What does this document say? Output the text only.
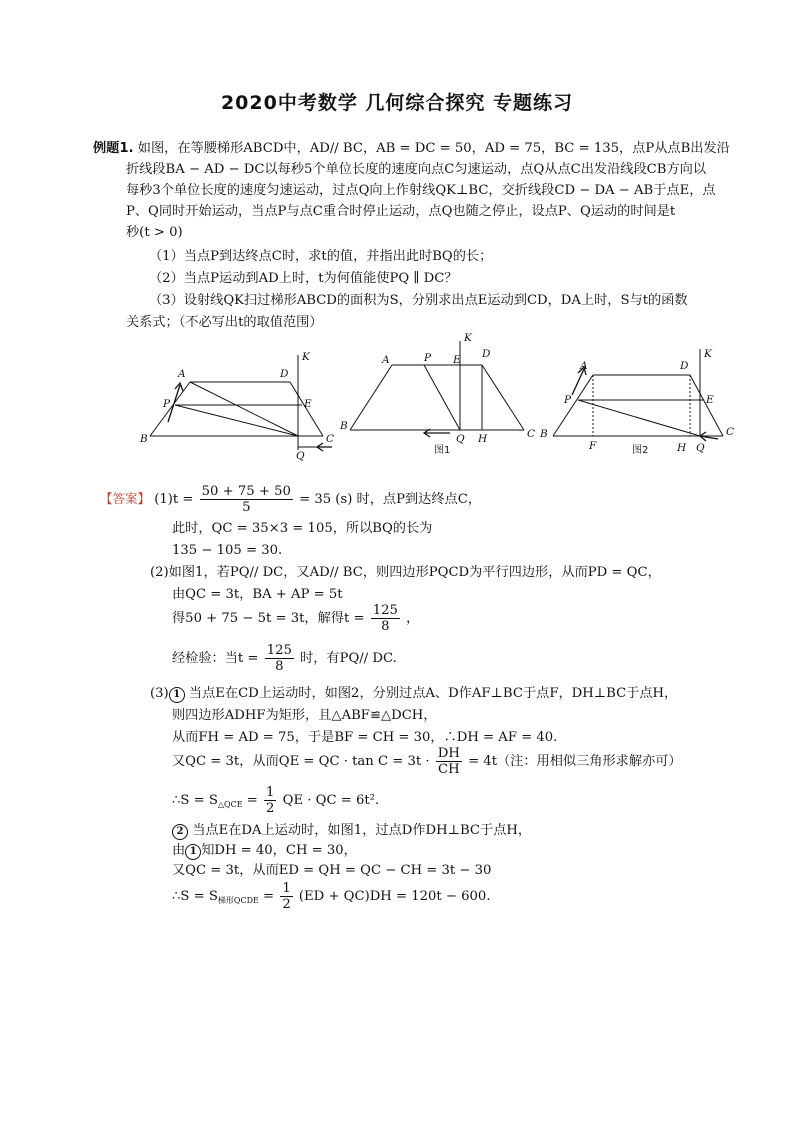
2020中考数学 几何综合探究 专题练习
例题1. 如图，在等腰梯形ABCD中，AD// BC，AB = DC = 50，AD = 75，BC = 135，点P从点B出发沿
折线段BA − AD − DC以每秒5个单位长度的速度向点C匀速运动，点Q从点C出发沿线段CB方向以
每秒3个单位长度的速度匀速运动，过点Q向上作射线QK⊥BC，交折线段CD − DA − AB于点E，点
P、Q同时开始运动，当点P与点C重合时停止运动，点Q也随之停止，设点P、Q运动的时间是t
秒(t > 0)
（1）当点P到达终点C时，求t的值，并指出此时BQ的长；
（2）当点P运动到AD上时，t为何值能使PQ ∥ DC？
（3）设射线QK扫过梯形ABCD的面积为S，分别求出点E运动到CD，DA上时，S与t的函数
关系式；（不必写出t的取值范围）
A	D
K
P	E
B	C
Q
A	P E D
K
B
C
Q H
图1
A	D
K
P	E
C
B
F	H Q
图2
【答案】 $(1)t = \frac{50 + 75 + 50}{5} = 35$ (s) 时，点P到达终点C，
此时，QC = 35×3 = 105，所以BQ的长为
135 − 105 = 30.
(2)如图1，若PQ// DC，又AD// BC，则四边形PQCD为平行四边形，从而PD = QC，
由QC = 3t，BA + AP = 5t
得50 + 75 − 5t = 3t，解得$t = \frac{125}{8}$ ，
经检验：当$t = \frac{125}{8}$ 时，有PQ// DC.
(3) 1 当点E在CD上运动时，如图2，分别过点A、D作AF⊥BC于点F，DH⊥BC于点H，
则四边形ADHF为矩形，且△ABF≌△DCH，
从而FH = AD = 75，于是BF = CH = 30，∴DH = AF = 40.
又QC = 3t，从而QE = QC · $\tan C = 3t \cdot \frac{DH}{CH} = 4t$（注：用相似三角形求解亦可）
∴S = $S_{\triangle QCE} = \frac{1}{2}$ QE · QC = 6t².
2 当点E在DA上运动时，如图1，过点D作DH⊥BC于点H，
由 1 知DH = 40，CH = 30，
又QC = 3t，从而ED = QH = QC − CH = 3t − 30
∴S = $S_{梯形QCDE} = \frac{1}{2} (ED + QC)DH = 120t - 600$.
